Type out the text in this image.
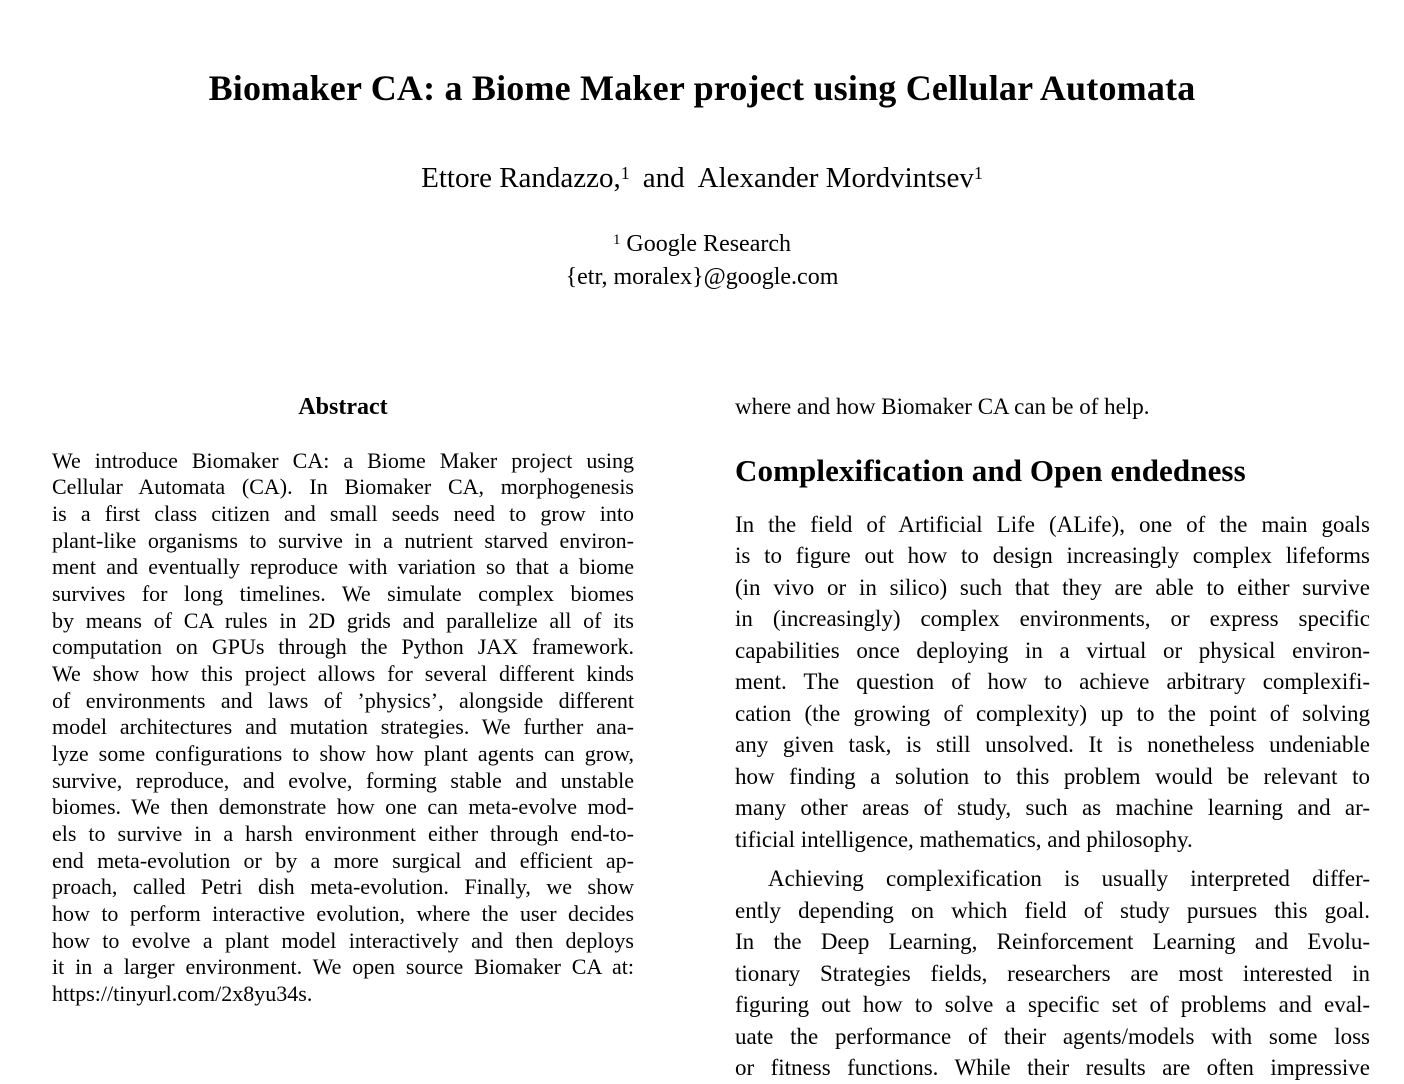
Biomaker CA: a Biome Maker project using Cellular Automata
Ettore Randazzo,$^1$ and Alexander Mordvintsev$^1$
$^1$ Google Research
{etr, moralex}@google.com
Abstract
We introduce Biomaker CA: a Biome Maker project using
Cellular Automata (CA). In Biomaker CA, morphogenesis
is a first class citizen and small seeds need to grow into
plant-like organisms to survive in a nutrient starved environ-
ment and eventually reproduce with variation so that a biome
survives for long timelines. We simulate complex biomes
by means of CA rules in 2D grids and parallelize all of its
computation on GPUs through the Python JAX framework.
We show how this project allows for several different kinds
of environments and laws of ’physics’, alongside different
model architectures and mutation strategies. We further ana-
lyze some configurations to show how plant agents can grow,
survive, reproduce, and evolve, forming stable and unstable
biomes. We then demonstrate how one can meta-evolve mod-
els to survive in a harsh environment either through end-to-
end meta-evolution or by a more surgical and efficient ap-
proach, called Petri dish meta-evolution. Finally, we show
how to perform interactive evolution, where the user decides
how to evolve a plant model interactively and then deploys
it in a larger environment. We open source Biomaker CA at:
https://tinyurl.com/2x8yu34s.
where and how Biomaker CA can be of help.
Complexification and Open endedness
In the field of Artificial Life (ALife), one of the main goals
is to figure out how to design increasingly complex lifeforms
(in vivo or in silico) such that they are able to either survive
in (increasingly) complex environments, or express specific
capabilities once deploying in a virtual or physical environ-
ment. The question of how to achieve arbitrary complexifi-
cation (the growing of complexity) up to the point of solving
any given task, is still unsolved. It is nonetheless undeniable
how finding a solution to this problem would be relevant to
many other areas of study, such as machine learning and ar-
tificial intelligence, mathematics, and philosophy.
Achieving complexification is usually interpreted differ-
ently depending on which field of study pursues this goal.
In the Deep Learning, Reinforcement Learning and Evolu-
tionary Strategies fields, researchers are most interested in
figuring out how to solve a specific set of problems and eval-
uate the performance of their agents/models with some loss
or fitness functions. While their results are often impressive
